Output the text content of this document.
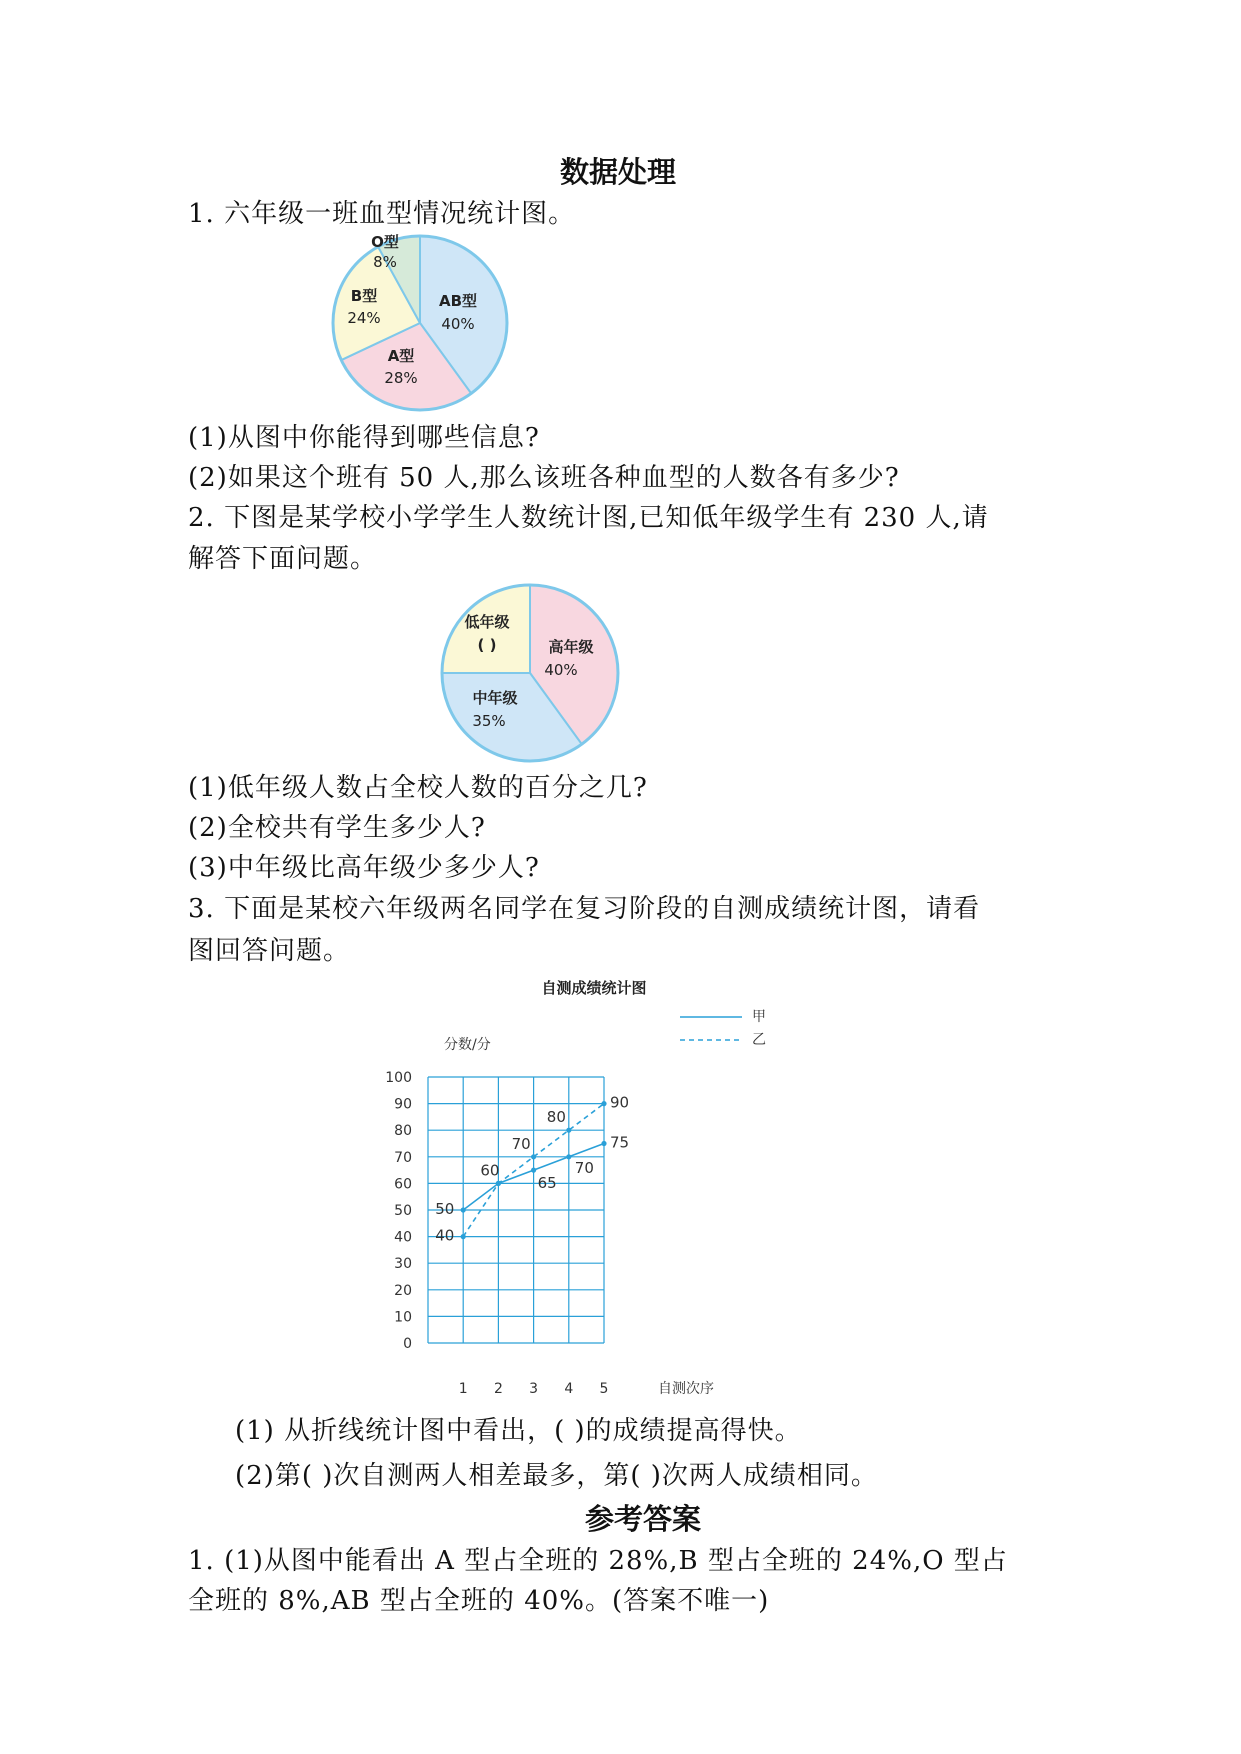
数据处理
1. 六年级一班血型情况统计图。
O型
8%
AB型
40%
B型
24%
A型
28%
(1)从图中你能得到哪些信息?
(2)如果这个班有 50 人,那么该班各种血型的人数各有多少?
2. 下图是某学校小学学生人数统计图,已知低年级学生有 230 人,请
解答下面问题。
低年级
( )	高年级
40%
中年级
35%
(1)低年级人数占全校人数的百分之几?
(2)全校共有学生多少人?
(3)中年级比高年级少多少人?
3. 下面是某校六年级两名同学在复习阶段的自测成绩统计图，请看
图回答问题。
自测成绩统计图
甲
乙
分数/分
自测次序
0
10
20
30
40
50
60
70
80
90
100
1 2 3 4 5
50
60
65
70
75
40
70
80
90
(1) 从折线统计图中看出，( )的成绩提高得快。
(2)第( )次自测两人相差最多，第( )次两人成绩相同。
参考答案
1. (1)从图中能看出 A 型占全班的 28%,B 型占全班的 24%,O 型占
全班的 8%,AB 型占全班的 40%。(答案不唯一)
